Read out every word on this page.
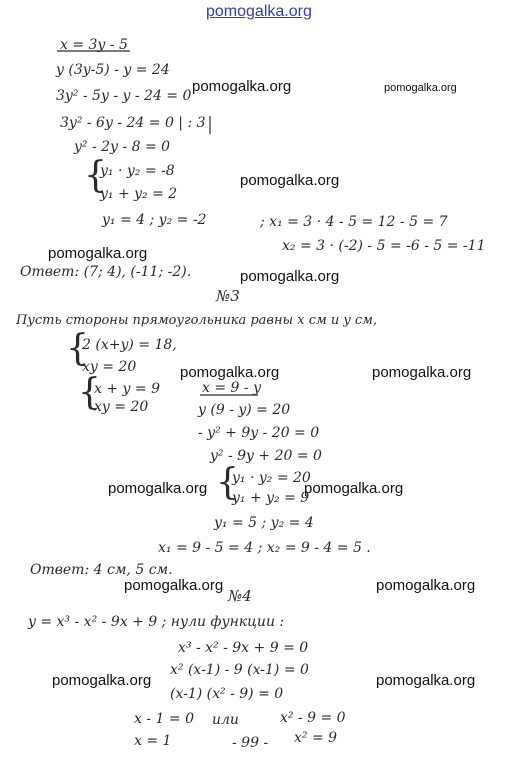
pomogalka.org
x = 3y - 5
y (3y-5) - y = 24
3y² - 5y - y - 24 = 0
3y² - 6y - 24 = 0 | : 3
y² - 2y - 8 = 0
{
y₁ · y₂ = -8
y₁ + y₂ = 2
y₁ = 4 ; y₂ = -2	; x₁ = 3 · 4 - 5 = 12 - 5 = 7
x₂ = 3 · (-2) - 5 = -6 - 5 = -11
Ответ: (7; 4), (-11; -2).
№3
Пусть стороны прямоугольника равны x см и y см,
{
2 (x+y) = 18,
xy = 20
{
x + y = 9
xy = 20
x = 9 - y
y (9 - y) = 20
- y² + 9y - 20 = 0
y² - 9y + 20 = 0
{
y₁ · y₂ = 20
y₁ + y₂ = 9
y₁ = 5 ; y₂ = 4
x₁ = 9 - 5 = 4 ; x₂ = 9 - 4 = 5 .
Ответ: 4 см, 5 см.
№4
y = x³ - x² - 9x + 9 ; нули функции :
x³ - x² - 9x + 9 = 0
x² (x-1) - 9 (x-1) = 0
(x-1) (x² - 9) = 0
x - 1 = 0 или	x² - 9 = 0
x = 1	- 99 - x² = 9
pomogalka.org	pomogalka.org
pomogalka.org
pomogalka.org
pomogalka.org
pomogalka.org	pomogalka.org
pomogalka.org	pomogalka.org
pomogalka.org	pomogalka.org
pomogalka.org	pomogalka.org
